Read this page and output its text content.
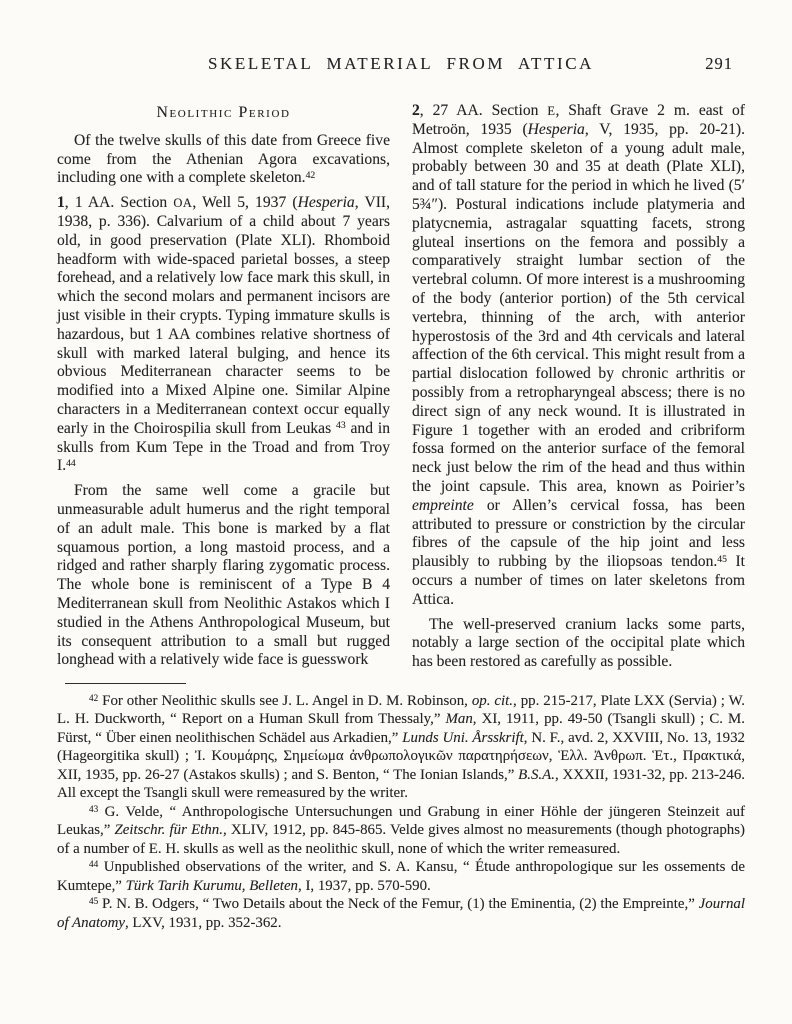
SKELETAL MATERIAL FROM ATTICA	291
Neolithic Period

Of the twelve skulls of this date from Greece five come from the Athenian Agora excavations, including one with a complete skeleton.$^{42}$

1, 1 AA. Section OA, Well 5, 1937 (Hesperia, VII, 1938, p. 336). Calvarium of a child about 7 years old, in good preservation (Plate XLI). Rhomboid headform with wide-spaced parietal bosses, a steep forehead, and a relatively low face mark this skull, in which the second molars and permanent incisors are just visible in their crypts. Typing immature skulls is hazardous, but 1 AA combines relative shortness of skull with marked lateral bulging, and hence its obvious Mediterranean character seems to be modified into a Mixed Alpine one. Similar Alpine characters in a Mediterranean context occur equally early in the Choirospilia skull from Leukas $^{43}$ and in skulls from Kum Tepe in the Troad and from Troy I.$^{44}$

From the same well come a gracile but unmeasurable adult humerus and the right temporal of an adult male. This bone is marked by a flat squamous portion, a long mastoid process, and a ridged and rather sharply flaring zygomatic process. The whole bone is reminiscent of a Type B 4 Mediterranean skull from Neolithic Astakos which I studied in the Athens Anthropological Museum, but its consequent attribution to a small but rugged longhead with a relatively wide face is guesswork

2, 27 AA. Section E, Shaft Grave 2 m. east of Metroön, 1935 (Hesperia, V, 1935, pp. 20-21). Almost complete skeleton of a young adult male, probably between 30 and 35 at death (Plate XLI), and of tall stature for the period in which he lived (5′ 5¾″). Postural indications include platymeria and platycnemia, astragalar squatting facets, strong gluteal insertions on the femora and possibly a comparatively straight lumbar section of the vertebral column. Of more interest is a mushrooming of the body (anterior portion) of the 5th cervical vertebra, thinning of the arch, with anterior hyperostosis of the 3rd and 4th cervicals and lateral affection of the 6th cervical. This might result from a partial dislocation followed by chronic arthritis or possibly from a retropharyngeal abscess; there is no direct sign of any neck wound. It is illustrated in Figure 1 together with an eroded and cribriform fossa formed on the anterior surface of the femoral neck just below the rim of the head and thus within the joint capsule. This area, known as Poirier’s empreinte or Allen’s cervical fossa, has been attributed to pressure or constriction by the circular fibres of the capsule of the hip joint and less plausibly to rubbing by the iliopsoas tendon.$^{45}$ It occurs a number of times on later skeletons from Attica.

The well-preserved cranium lacks some parts, notably a large section of the occipital plate which has been restored as carefully as possible.

$^{42}$ For other Neolithic skulls see J. L. Angel in D. M. Robinson, op. cit., pp. 215-217, Plate LXX (Servia) ; W. L. H. Duckworth, “ Report on a Human Skull from Thessaly,” Man, XI, 1911, pp. 49-50 (Tsangli skull) ; C. M. Fürst, “ Über einen neolithischen Schädel aus Arkadien,” Lunds Uni. Årsskrift, N. F., avd. 2, XXVIII, No. 13, 1932 (Hageorgitika skull) ; Ἰ. Κουμάρης, Σημείωμα ἀνθρωπολογικῶν παρατηρήσεων, Ἑλλ. Ἀνθρωπ. Ἑτ., Πρακτικά, XII, 1935, pp. 26-27 (Astakos skulls) ; and S. Benton, “ The Ionian Islands,” B.S.A., XXXII, 1931-32, pp. 213-246. All except the Tsangli skull were remeasured by the writer.

$^{43}$ G. Velde, “ Anthropologische Untersuchungen und Grabung in einer Höhle der jüngeren Steinzeit auf Leukas,” Zeitschr. für Ethn., XLIV, 1912, pp. 845-865. Velde gives almost no measurements (though photographs) of a number of E. H. skulls as well as the neolithic skull, none of which the writer remeasured.

$^{44}$ Unpublished observations of the writer, and S. A. Kansu, “ Étude anthropologique sur les ossements de Kumtepe,” Türk Tarih Kurumu, Belleten, I, 1937, pp. 570-590.

$^{45}$ P. N. B. Odgers, “ Two Details about the Neck of the Femur, (1) the Eminentia, (2) the Empreinte,” Journal of Anatomy, LXV, 1931, pp. 352-362.
